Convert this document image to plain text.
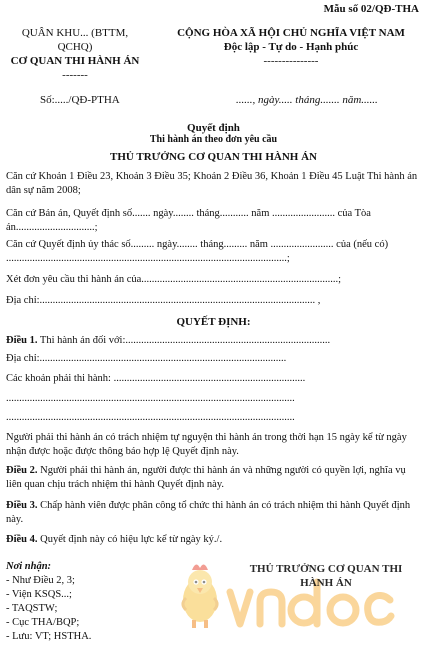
Mẫu số 02/QĐ-THA
QUÂN KHU... (BTTM,
QCHQ)
CƠ QUAN THI HÀNH ÁN
-------
CỘNG HÒA XÃ HỘI CHỦ NGHĨA VIỆT NAM
Độc lập - Tự do - Hạnh phúc
---------------
Số:...../QĐ-PTHA	......, ngày..... tháng....... năm......
Quyết định
Thi hành án theo đơn yêu cầu
THỦ TRƯỞNG CƠ QUAN THI HÀNH ÁN
Căn cứ Khoản 1 Điều 23, Khoản 3 Điều 35; Khoản 2 Điều 36, Khoản 1 Điều 45 Luật Thi hành án dân sự năm 2008;
Căn cứ Bản án, Quyết định số....... ngày........ tháng........... năm ........................ của Tòa án..............................;
Căn cứ Quyết định ủy thác số......... ngày........ tháng......... năm ........................ của (nếu có) ...........................................................................................................;
Xét đơn yêu cầu thi hành án của...........................................................................;
Địa chỉ:......................................................................................................... ,
QUYẾT ĐỊNH:
Điều 1. Thi hành án đối với:..............................................................................
Địa chỉ:..............................................................................................
Các khoản phải thi hành: .........................................................................
..............................................................................................................
..............................................................................................................
Người phải thi hành án có trách nhiệm tự nguyện thi hành án trong thời hạn 15 ngày kể từ ngày nhận được hoặc được thông báo hợp lệ Quyết định này.
Điều 2. Người phải thi hành án, người được thi hành án và những người có quyền lợi, nghĩa vụ liên quan chịu trách nhiệm thi hành Quyết định này.
Điều 3. Chấp hành viên được phân công tổ chức thi hành án có trách nhiệm thi hành Quyết định này.
Điều 4. Quyết định này có hiệu lực kể từ ngày ký./.
Nơi nhận:
- Như Điều 2, 3;
- Viện KSQS...;
- TAQSTW;
- Cục THA/BQP;
- Lưu: VT; HSTHA.
THỦ TRƯỞNG CƠ QUAN THI
HÀNH ÁN
